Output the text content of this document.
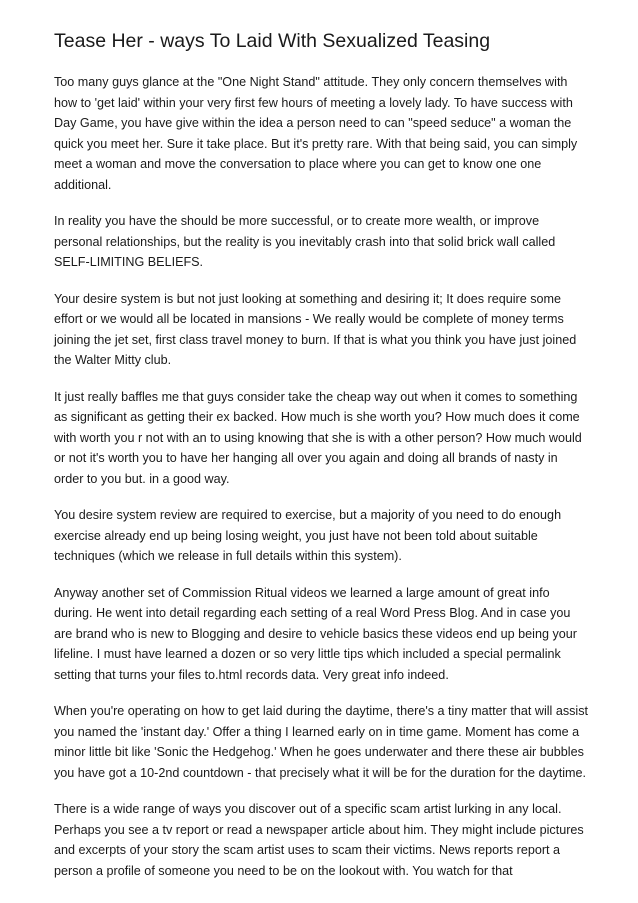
Tease Her - ways To Laid With Sexualized Teasing

Too many guys glance at the "One Night Stand" attitude. They only concern themselves with how to 'get laid' within your very first few hours of meeting a lovely lady. To have success with Day Game, you have give within the idea a person need to can "speed seduce" a woman the quick you meet her. Sure it take place. But it's pretty rare. With that being said, you can simply meet a woman and move the conversation to place where you can get to know one one additional.

In reality you have the should be more successful, or to create more wealth, or improve personal relationships, but the reality is you inevitably crash into that solid brick wall called SELF-LIMITING BELIEFS.

Your desire system is but not just looking at something and desiring it; It does require some effort or we would all be located in mansions - We really would be complete of money terms joining the jet set, first class travel money to burn. If that is what you think you have just joined the Walter Mitty club.

It just really baffles me that guys consider take the cheap way out when it comes to something as significant as getting their ex backed. How much is she worth you? How much does it come with worth you r not with an to using knowing that she is with a other person? How much would or not it's worth you to have her hanging all over you again and doing all brands of nasty in order to you but. in a good way.

You desire system review are required to exercise, but a majority of you need to do enough exercise already end up being losing weight, you just have not been told about suitable techniques (which we release in full details within this system).

Anyway another set of Commission Ritual videos we learned a large amount of great info during. He went into detail regarding each setting of a real Word Press Blog. And in case you are brand who is new to Blogging and desire to vehicle basics these videos end up being your lifeline. I must have learned a dozen or so very little tips which included a special permalink setting that turns your files to.html records data. Very great info indeed.

When you're operating on how to get laid during the daytime, there's a tiny matter that will assist you named the 'instant day.' Offer a thing I learned early on in time game. Moment has come a minor little bit like 'Sonic the Hedgehog.' When he goes underwater and there these air bubbles you have got a 10-2nd countdown - that precisely what it will be for the duration for the daytime.

There is a wide range of ways you discover out of a specific scam artist lurking in any local. Perhaps you see a tv report or read a newspaper article about him. They might include pictures and excerpts of your story the scam artist uses to scam their victims. News reports report a person a profile of someone you need to be on the lookout with. You watch for that
